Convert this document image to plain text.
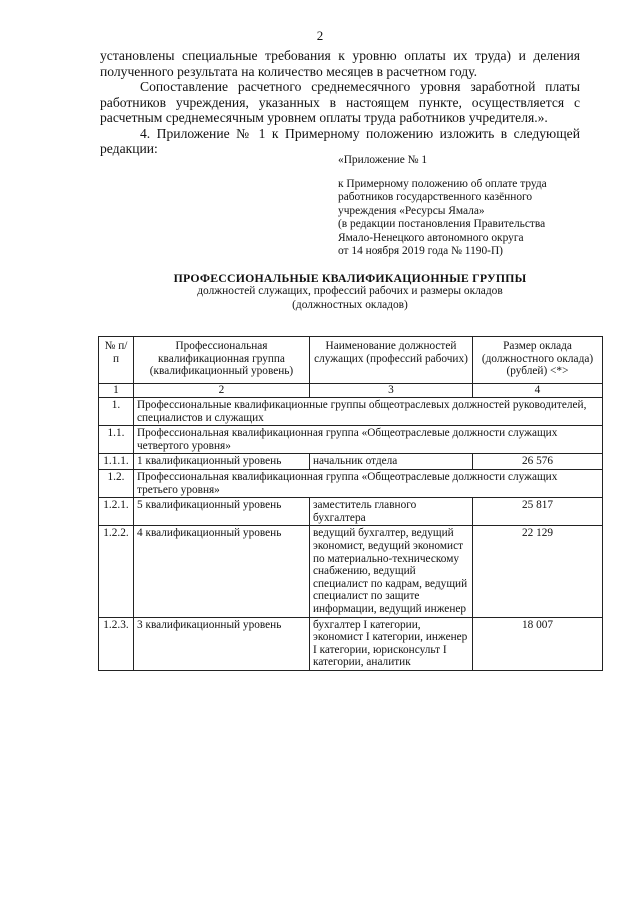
2

установлены специальные требования к уровню оплаты их труда) и деления полученного результата на количество месяцев в расчетном году.

Сопоставление расчетного среднемесячного уровня заработной платы работников учреждения, указанных в настоящем пункте, осуществляется с расчетным среднемесячным уровнем оплаты труда работников учредителя.».

4. Приложение № 1 к Примерному положению изложить в следующей редакции:

«Приложение № 1
к Примерному положению об оплате труда
работников государственного казённого
учреждения «Ресурсы Ямала»
(в редакции постановления Правительства
Ямало-Ненецкого автономного округа
от 14 ноября 2019 года № 1190-П)
ПРОФЕССИОНАЛЬНЫЕ КВАЛИФИКАЦИОННЫЕ ГРУППЫ
должностей служащих, профессий рабочих и размеры окладов
(должностных окладов)
№ п/п	Профессиональная квалификационная группа (квалификационный уровень)	Наименование должностей служащих (профессий рабочих)	Размер оклада (должностного оклада) (рублей) <*>
1	2	3	4
1.	Профессиональные квалификационные группы общеотраслевых должностей руководителей, специалистов и служащих		
1.1.	Профессиональная квалификационная группа «Общеотраслевые должности служащих четвертого уровня»		
1.1.1.	1 квалификационный уровень	начальник отдела	26 576
1.2.	Профессиональная квалификационная группа «Общеотраслевые должности служащих третьего уровня»		
1.2.1.	5 квалификационный уровень	заместитель главного бухгалтера	25 817
1.2.2.	4 квалификационный уровень	ведущий бухгалтер, ведущий экономист, ведущий экономист по материально-техническому снабжению, ведущий специалист по кадрам, ведущий специалист по защите информации, ведущий инженер	22 129
1.2.3.	3 квалификационный уровень	бухгалтер I категории, экономист I категории, инженер I категории, юрисконсульт I категории, аналитик	18 007
